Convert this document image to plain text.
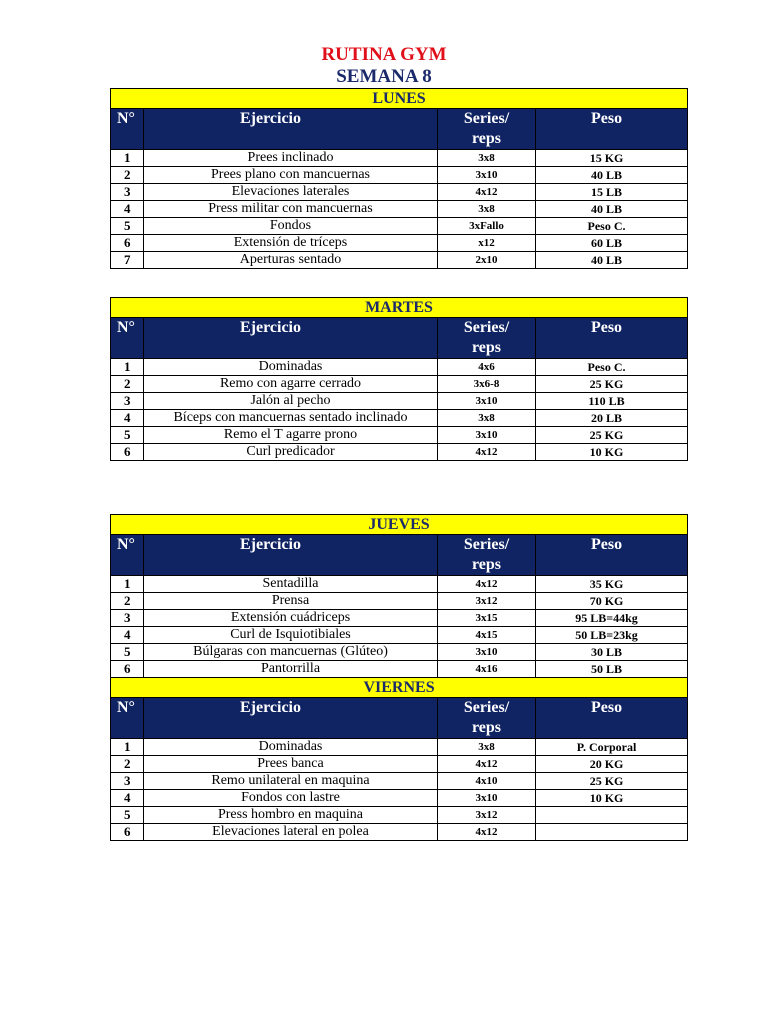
RUTINA GYM
SEMANA 8
LUNES			
N°	Ejercicio	Series/
reps	Peso
1	Prees inclinado	3x8	15 KG
2	Prees plano con mancuernas	3x10	40 LB
3	Elevaciones laterales	4x12	15 LB
4	Press militar con mancuernas	3x8	40 LB
5	Fondos	3xFallo	Peso C.
6	Extensión de tríceps	x12	60 LB
7	Aperturas sentado	2x10	40 LB
MARTES			
N°	Ejercicio	Series/
reps	Peso
1	Dominadas	4x6	Peso C.
2	Remo con agarre cerrado	3x6-8	25 KG
3	Jalón al pecho	3x10	110 LB
4	Bíceps con mancuernas sentado inclinado	3x8	20 LB
5	Remo el T agarre prono	3x10	25 KG
6	Curl predicador	4x12	10 KG
JUEVES			
N°	Ejercicio	Series/
reps	Peso
1	Sentadilla	4x12	35 KG
2	Prensa	3x12	70 KG
3	Extensión cuádriceps	3x15	95 LB=44kg
4	Curl de Isquiotibiales	4x15	50 LB=23kg
5	Búlgaras con mancuernas (Glúteo)	3x10	30 LB
6	Pantorrilla	4x16	50 LB
VIERNES			
N°	Ejercicio	Series/
reps	Peso
1	Dominadas	3x8	P. Corporal
2	Prees banca	4x12	20 KG
3	Remo unilateral en maquina	4x10	25 KG
4	Fondos con lastre	3x10	10 KG
5	Press hombro en maquina	3x12	
6	Elevaciones lateral en polea	4x12	
